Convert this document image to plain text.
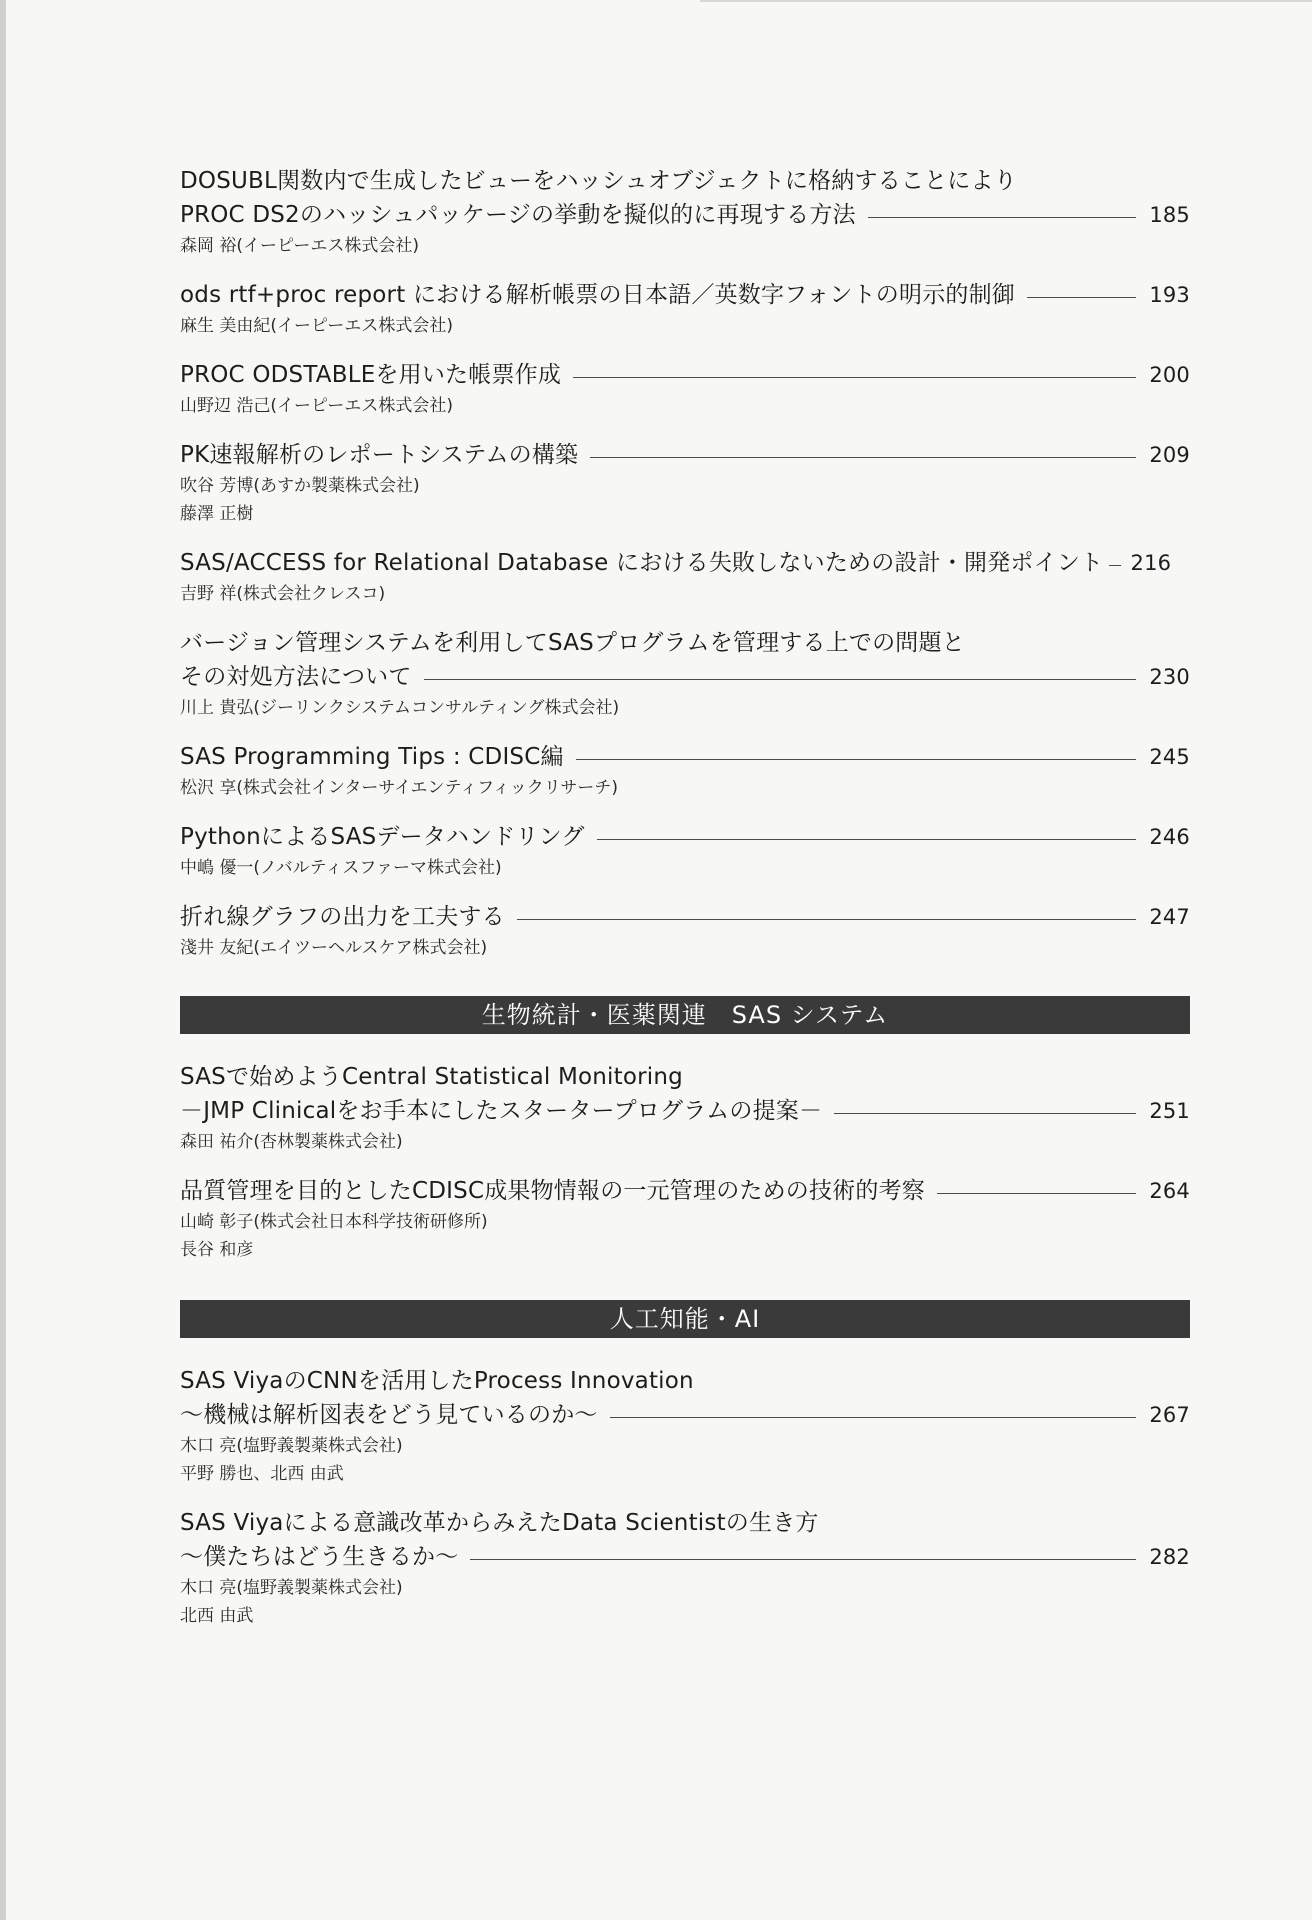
DOSUBL関数内で生成したビューをハッシュオブジェクトに格納することにより
PROC DS2のハッシュパッケージの挙動を擬似的に再現する方法	185
森岡 裕(イーピーエス株式会社)
ods rtf+proc report における解析帳票の日本語／英数字フォントの明示的制御	193
麻生 美由紀(イーピーエス株式会社)
PROC ODSTABLEを用いた帳票作成	200
山野辺 浩己(イーピーエス株式会社)
PK速報解析のレポートシステムの構築	209
吹谷 芳博(あすか製薬株式会社)
藤澤 正樹
SAS/ACCESS for Relational Database における失敗しないための設計・開発ポイント 216
吉野 祥(株式会社クレスコ)
バージョン管理システムを利用してSASプログラムを管理する上での問題と
その対処方法について	230
川上 貴弘(ジーリンクシステムコンサルティング株式会社)
SAS Programming Tips : CDISC編	245
松沢 享(株式会社インターサイエンティフィックリサーチ)
PythonによるSASデータハンドリング	246
中嶋 優一(ノバルティスファーマ株式会社)
折れ線グラフの出力を工夫する	247
淺井 友紀(エイツーヘルスケア株式会社)
生物統計・医薬関連　SAS システム
SASで始めようCentral Statistical Monitoring
－JMP Clinicalをお手本にしたスタータープログラムの提案－	251
森田 祐介(杏林製薬株式会社)
品質管理を目的としたCDISC成果物情報の一元管理のための技術的考察	264
山崎 彰子(株式会社日本科学技術研修所)
長谷 和彦
人工知能・AI
SAS ViyaのCNNを活用したProcess Innovation
～機械は解析図表をどう見ているのか～	267
木口 亮(塩野義製薬株式会社)
平野 勝也、北西 由武
SAS Viyaによる意識改革からみえたData Scientistの生き方
～僕たちはどう生きるか～	282
木口 亮(塩野義製薬株式会社)
北西 由武
